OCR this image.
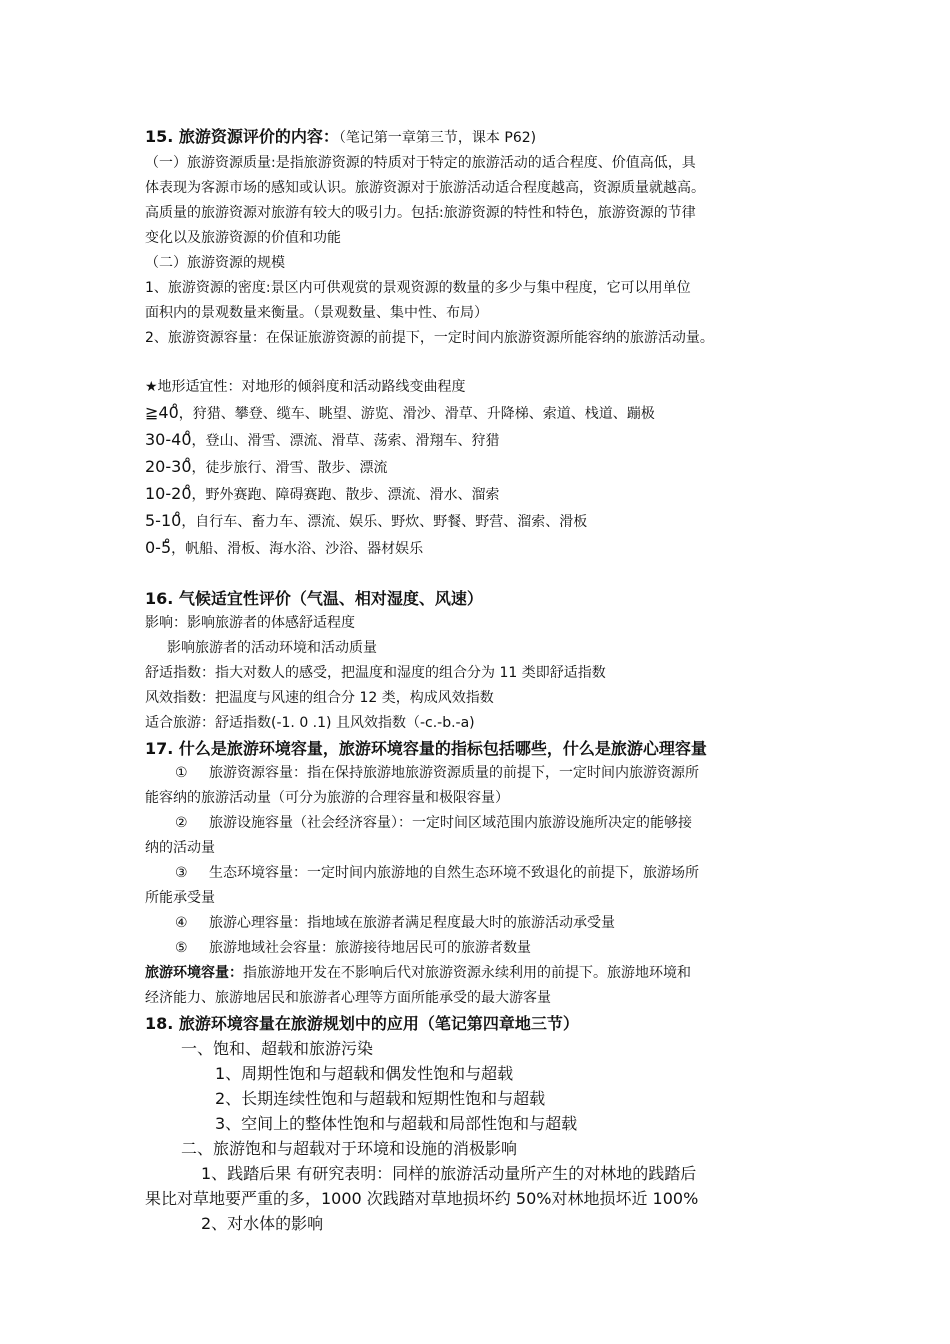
15. 旅游资源评价的内容：（笔记第一章第三节，课本 P62)
（一）旅游资源质量:是指旅游资源的特质对于特定的旅游活动的适合程度、价值高低，具
体表现为客源市场的感知或认识。旅游资源对于旅游活动适合程度越高，资源质量就越高。
高质量的旅游资源对旅游有较大的吸引力。包括:旅游资源的特性和特色，旅游资源的节律
变化以及旅游资源的价值和功能
（二）旅游资源的规模
1、旅游资源的密度:景区内可供观赏的景观资源的数量的多少与集中程度，它可以用单位
面积内的景观数量来衡量。（景观数量、集中性、布局）
2、旅游资源容量：在保证旅游资源的前提下，一定时间内旅游资源所能容纳的旅游活动量。
★地形适宜性：对地形的倾斜度和活动路线变曲程度
≧40̊，狩猎、攀登、缆车、眺望、游览、滑沙、滑草、升降梯、索道、栈道、蹦极
30-40̊，登山、滑雪、漂流、滑草、荡索、滑翔车、狩猎
20-30̊，徒步旅行、滑雪、散步、漂流
10-20̊，野外赛跑、障碍赛跑、散步、漂流、滑水、溜索
5-10̊，自行车、畜力车、漂流、娱乐、野炊、野餐、野营、溜索、滑板
0-5̊，帆船、滑板、海水浴、沙浴、器材娱乐
16. 气候适宜性评价（气温、相对湿度、风速）
影响：影响旅游者的体感舒适程度
影响旅游者的活动环境和活动质量
舒适指数：指大对数人的感受，把温度和湿度的组合分为 11 类即舒适指数
风效指数：把温度与风速的组合分 12 类，构成风效指数
适合旅游：舒适指数(-1. 0 .1) 且风效指数（-c.-b.-a)
17. 什么是旅游环境容量，旅游环境容量的指标包括哪些，什么是旅游心理容量
① 旅游资源容量：指在保持旅游地旅游资源质量的前提下，一定时间内旅游资源所
能容纳的旅游活动量（可分为旅游的合理容量和极限容量）
② 旅游设施容量（社会经济容量）：一定时间区域范围内旅游设施所决定的能够接
纳的活动量
③ 生态环境容量：一定时间内旅游地的自然生态环境不致退化的前提下，旅游场所
所能承受量
④ 旅游心理容量：指地域在旅游者满足程度最大时的旅游活动承受量
⑤ 旅游地域社会容量：旅游接待地居民可的旅游者数量
旅游环境容量：指旅游地开发在不影响后代对旅游资源永续利用的前提下。旅游地环境和
经济能力、旅游地居民和旅游者心理等方面所能承受的最大游客量
18. 旅游环境容量在旅游规划中的应用（笔记第四章地三节）
一、饱和、超载和旅游污染
1、周期性饱和与超载和偶发性饱和与超载
2、长期连续性饱和与超载和短期性饱和与超载
3、空间上的整体性饱和与超载和局部性饱和与超载
二、旅游饱和与超载对于环境和设施的消极影响
1、践踏后果 有研究表明：同样的旅游活动量所产生的对林地的践踏后
果比对草地要严重的多，1000 次践踏对草地损坏约 50%对林地损坏近 100%
2、对水体的影响
